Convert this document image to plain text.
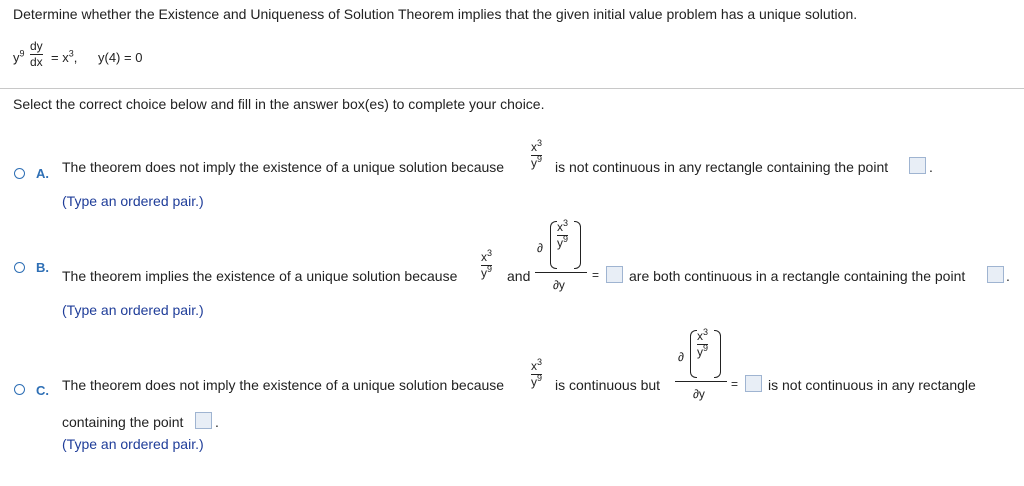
Determine whether the Existence and Uniqueness of Solution Theorem implies that the given initial value problem has a unique solution.
$y^9$
dy
dx = $x^3$, y(4) = 0
Select the correct choice below and fill in the answer box(es) to complete your choice.
A. The theorem does not imply the existence of a unique solution because
$x^3$
$y^9$ is not continuous in any rectangle containing the point	.
(Type an ordered pair.)
B.
The theorem implies the existence of a unique solution because
$x^3$
$y^9$ and
∂
$x^3$
$y^9$
∂y
= are both continuous in a rectangle containing the point	.
(Type an ordered pair.)
C. The theorem does not imply the existence of a unique solution because
$x^3$
$y^9$ is continuous but
∂
$x^3$
$y^9$
∂y
= is not continuous in any rectangle
containing the point .
(Type an ordered pair.)
